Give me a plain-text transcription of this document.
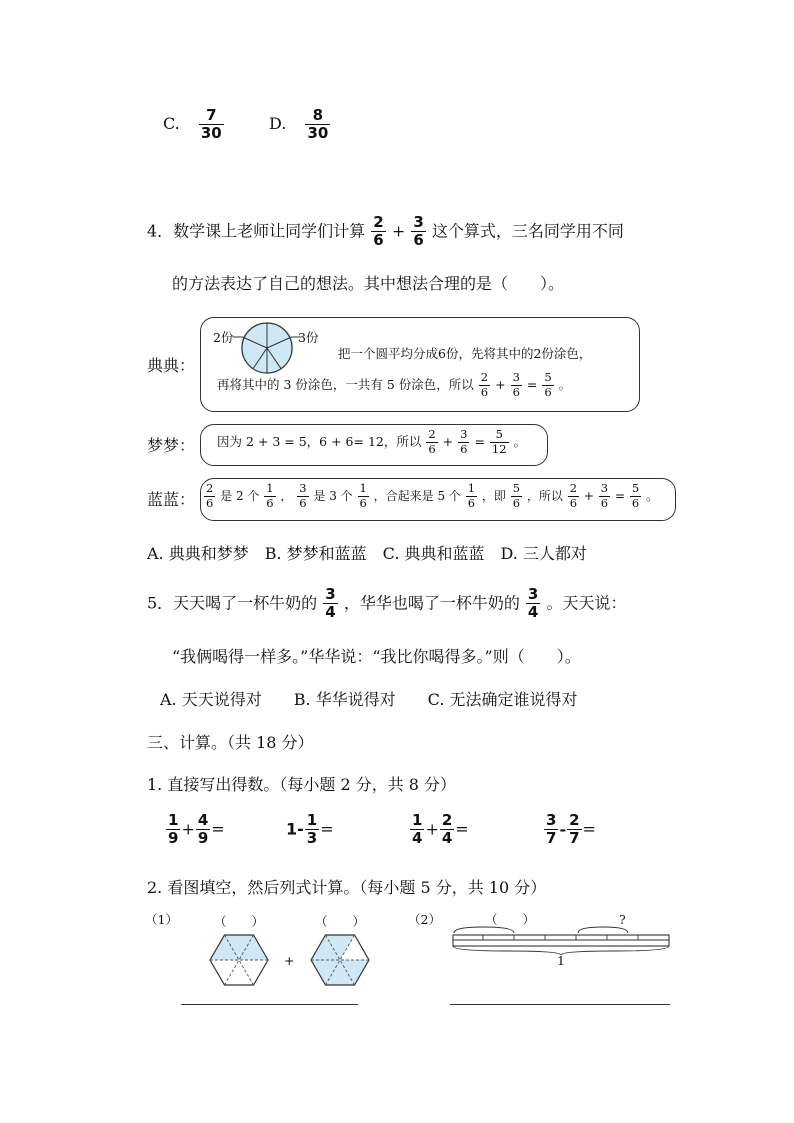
C. $\frac{7}{30}$	D. $\frac{8}{30}$
4．数学课上老师让同学们计算 $\frac{2}{6} + \frac{3}{6}$ 这个算式，三名同学用不同
的方法表达了自己的想法。其中想法合理的是（　　）。
典典：
2份	3份
把一个圆平均分成6份，先将其中的2份涂色，
再将其中的 3 份涂色，一共有 5 份涂色，所以 $\frac{2}{6} + \frac{3}{6} = \frac{5}{6}$ 。
梦梦： 因为 2 + 3 = 5，6 + 6= 12，所以 $\frac{2}{6} + \frac{3}{6} = \frac{5}{12}$ 。
蓝蓝： $\frac{2}{6}$ 是 2 个 $\frac{1}{6}$ ， $\frac{3}{6}$ 是 3 个 $\frac{1}{6}$ ，合起来是 5 个 $\frac{1}{6}$ ，即 $\frac{5}{6}$ ，所以 $\frac{2}{6} + \frac{3}{6} = \frac{5}{6}$ 。
A. 典典和梦梦　B. 梦梦和蓝蓝　C. 典典和蓝蓝　D. 三人都对
5．天天喝了一杯牛奶的 $\frac{3}{4}$ ，华华也喝了一杯牛奶的 $\frac{3}{4}$ 。天天说：
“我俩喝得一样多。”华华说：“我比你喝得多。”则（　　）。
A. 天天说得对　　B. 华华说得对　　C. 无法确定谁说得对
三、计算。（共 18 分）
1. 直接写出得数。（每小题 2 分，共 8 分）
$\frac{1}{9} + \frac{4}{9}$ =	$1- \frac{1}{3}$ =	$\frac{1}{4} + \frac{2}{4}$ =	$\frac{3}{7} - \frac{2}{7}$ =
2. 看图填空，然后列式计算。（每小题 5 分，共 10 分）
（1）	（　　）	（　　）
+
（2）	（　　）	?
1
